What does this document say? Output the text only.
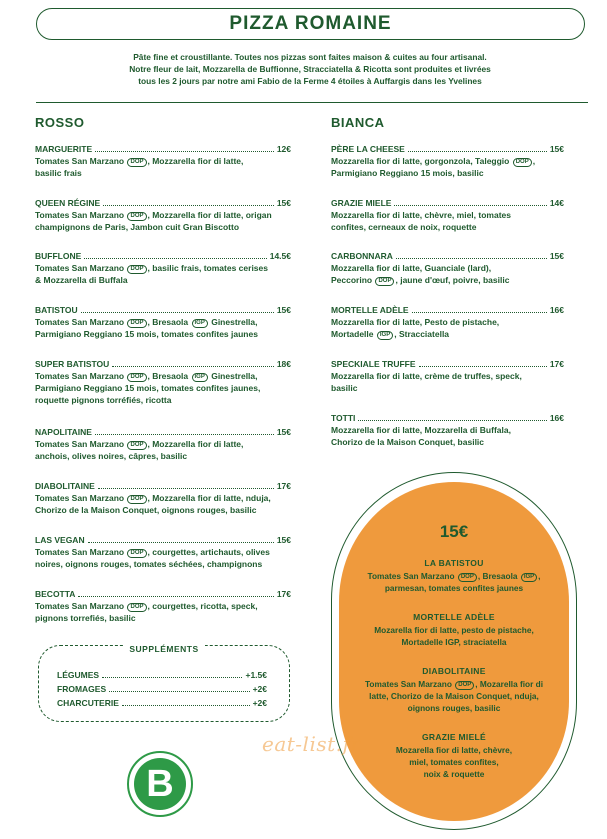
PIZZA ROMAINE
Pâte fine et croustillante. Toutes nos pizzas sont faites maison & cuites au four artisanal.
Notre fleur de lait, Mozzarella de Buffionne, Stracciatella & Ricotta sont produites et livrées
tous les 2 jours par notre ami Fabio de la Ferme 4 étoiles à Auffargis dans les Yvelines
ROSSO	BIANCA
MARGUERITE	12€
Tomates San Marzano DOP , Mozzarella fior di latte,
basilic frais
QUEEN RÉGINE	15€
Tomates San Marzano DOP , Mozzarella fior di latte, origan
champignons de Paris, Jambon cuit Gran Biscotto
BUFFLONE	14.5€
Tomates San Marzano DOP , basilic frais, tomates cerises
& Mozzarella di Buffala
BATISTOU	15€
Tomates San Marzano DOP , Bresaola IGP Ginestrella,
Parmigiano Reggiano 15 mois, tomates confites jaunes
SUPER BATISTOU	18€
Tomates San Marzano DOP , Bresaola IGP Ginestrella,
Parmigiano Reggiano 15 mois, tomates confites jaunes,
roquette pignons torréfiés, ricotta
NAPOLITAINE	15€
Tomates San Marzano DOP , Mozzarella fior di latte,
anchois, olives noires, câpres, basilic
DIABOLITAINE	17€
Tomates San Marzano DOP , Mozzarella fior di latte, nduja,
Chorizo de la Maison Conquet, oignons rouges, basilic
LAS VEGAN	15€
Tomates San Marzano DOP , courgettes, artichauts, olives
noires, oignons rouges, tomates séchées, champignons
BECOTTA	17€
Tomates San Marzano DOP , courgettes, ricotta, speck,
pignons torrefiés, basilic
PÈRE LA CHEESE	15€
Mozzarella fior di latte, gorgonzola, Taleggio DOP ,
Parmigiano Reggiano 15 mois, basilic
GRAZIE MIELE	14€
Mozzarella fior di latte, chèvre, miel, tomates
confites, cerneaux de noix, roquette
CARBONNARA	15€
Mozzarella fior di latte, Guanciale (lard),
Peccorino DOP , jaune d'œuf, poivre, basilic
MORTELLE ADÈLE	16€
Mozzarella fior di latte, Pesto de pistache,
Mortadelle IGP , Stracciatella
SPECKIALE TRUFFE	17€
Mozzarella fior di latte, crème de truffes, speck,
basilic
TOTTI	16€
Mozzarella fior di latte, Mozzarella di Buffala,
Chorizo de la Maison Conquet, basilic
SUPPLÉMENTS
LÉGUMES	+1.5€
FROMAGES	+2€
CHARCUTERIE	+2€
B
15€
LA BATISTOU
Tomates San Marzano DOP , Bresaola IGP ,
parmesan, tomates confites jaunes
MORTELLE ADÈLE
Mozarella fior di latte, pesto de pistache,
Mortadelle IGP, straciatella
DIABOLITAINE
Tomates San Marzano DOP , Mozarella fior di
latte, Chorizo de la Maison Conquet, nduja,
oignons rouges, basilic
GRAZIE MIELÉ
Mozarella fior di latte, chèvre,
miel, tomates confites,
noix & roquette
eat-list.fr
